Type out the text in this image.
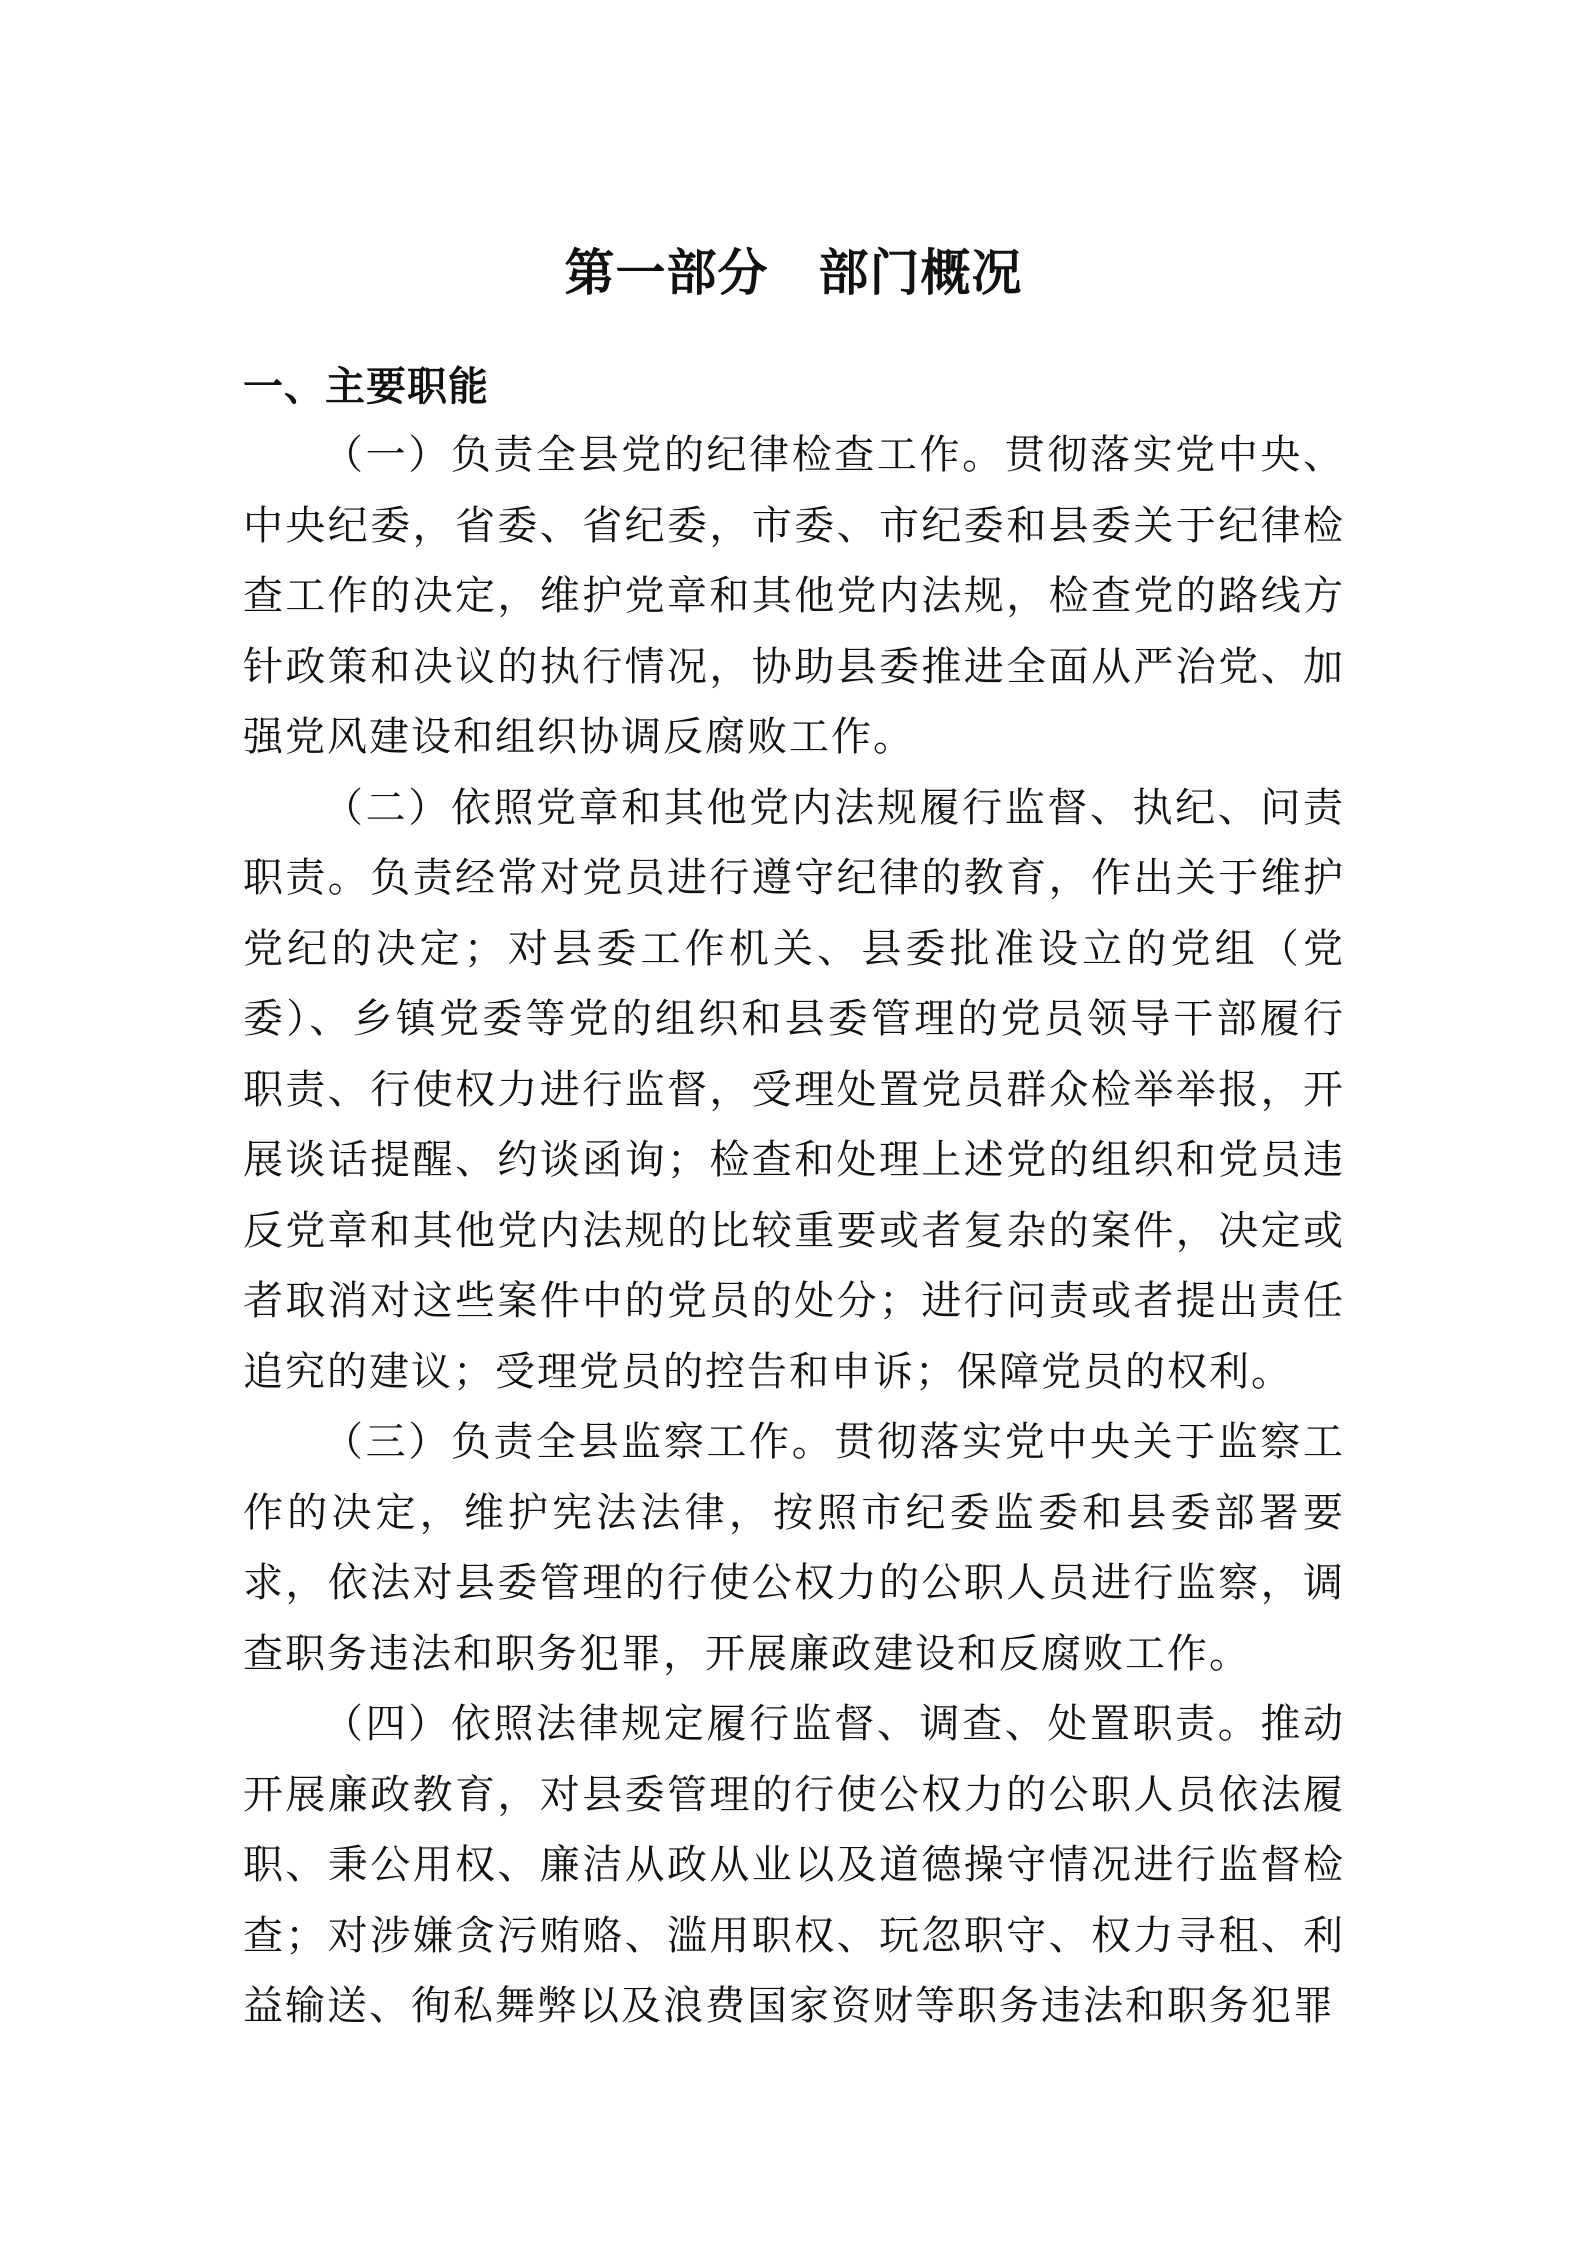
第一部分 部门概况
一、主要职能

（一）负责全县党的纪律检查工作。贯彻落实党中央、中央纪委，省委、省纪委，市委、市纪委和县委关于纪律检查工作的决定，维护党章和其他党内法规，检查党的路线方针政策和决议的执行情况，协助县委推进全面从严治党、加强党风建设和组织协调反腐败工作。

（二）依照党章和其他党内法规履行监督、执纪、问责职责。负责经常对党员进行遵守纪律的教育，作出关于维护党纪的决定；对县委工作机关、县委批准设立的党组（党委）、乡镇党委等党的组织和县委管理的党员领导干部履行职责、行使权力进行监督，受理处置党员群众检举举报，开展谈话提醒、约谈函询；检查和处理上述党的组织和党员违反党章和其他党内法规的比较重要或者复杂的案件，决定或者取消对这些案件中的党员的处分；进行问责或者提出责任追究的建议；受理党员的控告和申诉；保障党员的权利。

（三）负责全县监察工作。贯彻落实党中央关于监察工作的决定，维护宪法法律，按照市纪委监委和县委部署要求，依法对县委管理的行使公权力的公职人员进行监察，调查职务违法和职务犯罪，开展廉政建设和反腐败工作。

（四）依照法律规定履行监督、调查、处置职责。推动开展廉政教育，对县委管理的行使公权力的公职人员依法履职、秉公用权、廉洁从政从业以及道德操守情况进行监督检查；对涉嫌贪污贿赂、滥用职权、玩忽职守、权力寻租、利益输送、徇私舞弊以及浪费国家资财等职务违法和职务犯罪
